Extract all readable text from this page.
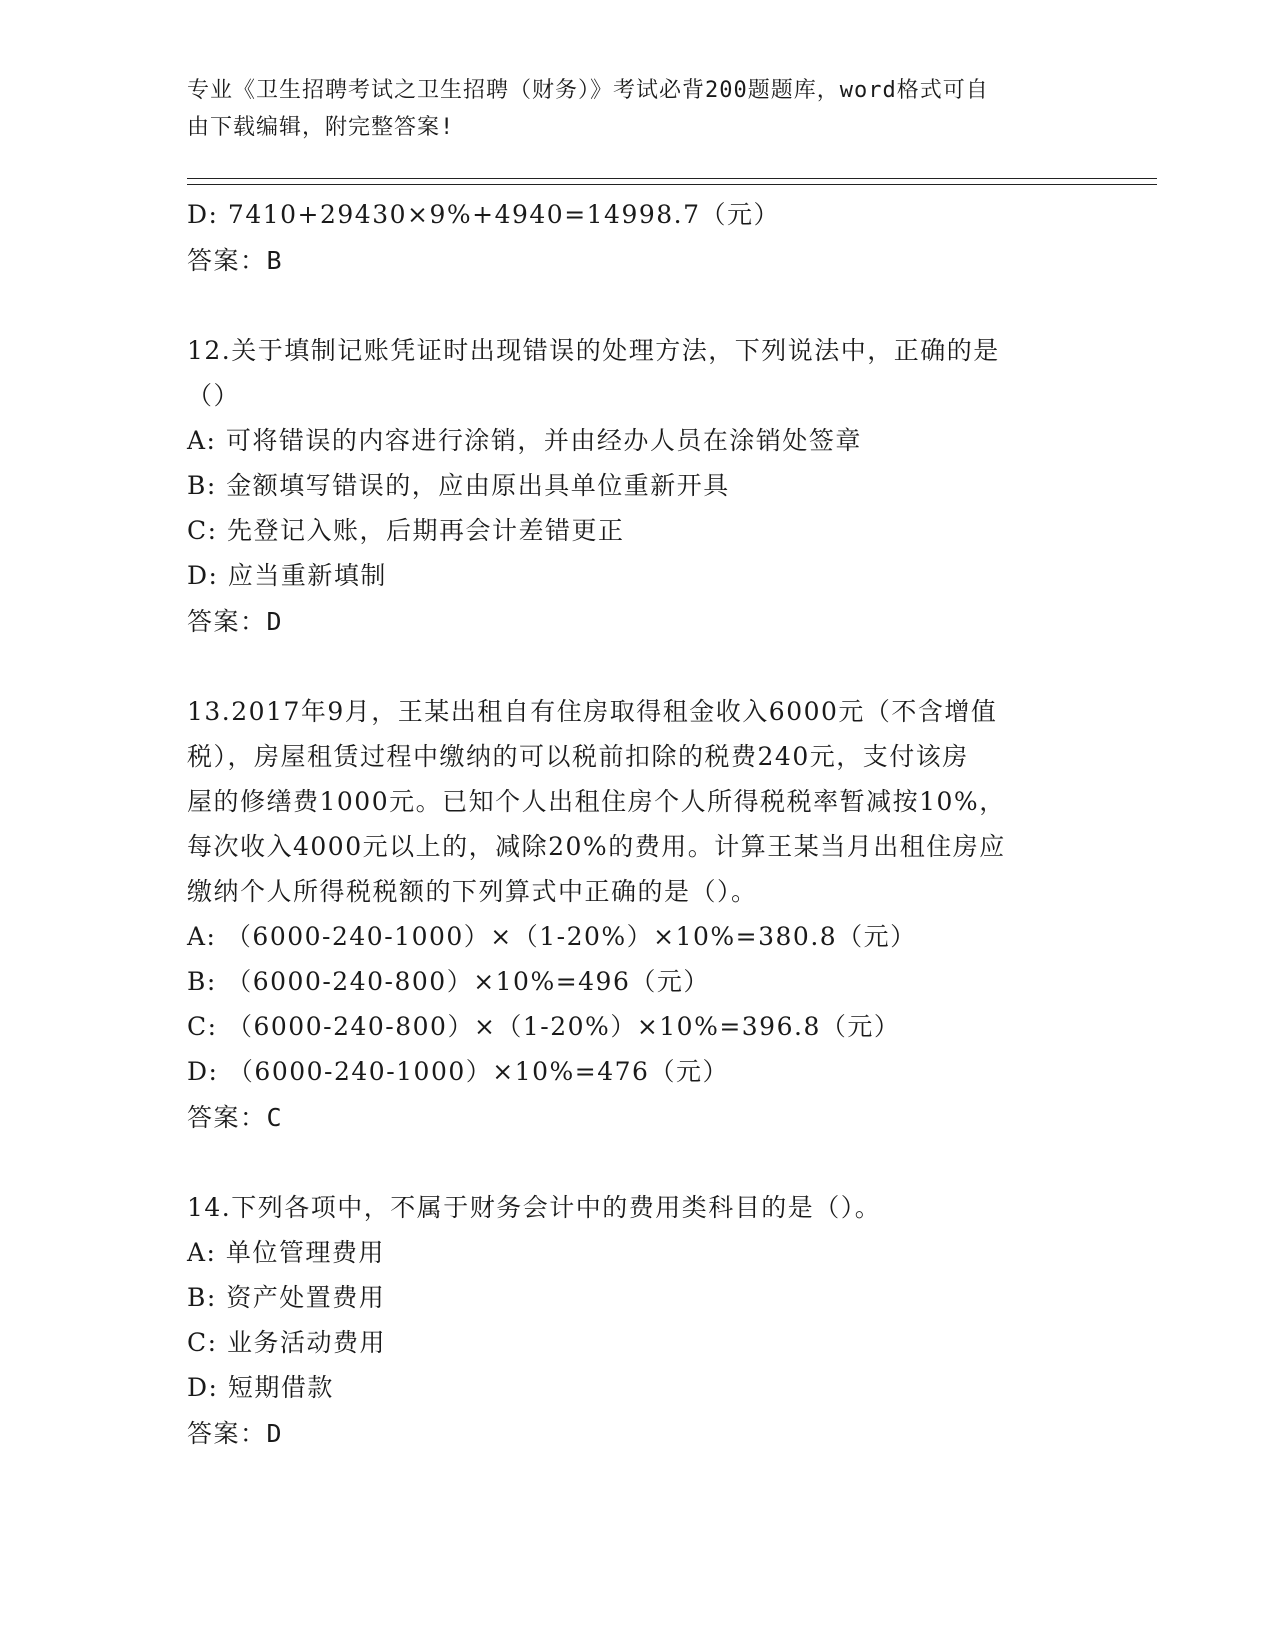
专业《卫生招聘考试之卫生招聘（财务）》考试必背200题题库，word格式可自
由下载编辑，附完整答案!
D: 7410+29430×9%+4940=14998.7（元）
答案：B
12.关于填制记账凭证时出现错误的处理方法，下列说法中，正确的是
（）
A: 可将错误的内容进行涂销，并由经办人员在涂销处签章
B: 金额填写错误的，应由原出具单位重新开具
C: 先登记入账，后期再会计差错更正
D: 应当重新填制
答案：D
13.2017年9月，王某出租自有住房取得租金收入6000元（不含增值
税），房屋租赁过程中缴纳的可以税前扣除的税费240元，支付该房
屋的修缮费1000元。已知个人出租住房个人所得税税率暂减按10%，
每次收入4000元以上的，减除20%的费用。计算王某当月出租住房应
缴纳个人所得税税额的下列算式中正确的是（）。
A: （6000-240-1000）×（1-20%）×10%=380.8（元）
B: （6000-240-800）×10%=496（元）
C: （6000-240-800）×（1-20%）×10%=396.8（元）
D: （6000-240-1000）×10%=476（元）
答案：C
14.下列各项中，不属于财务会计中的费用类科目的是（）。
A: 单位管理费用
B: 资产处置费用
C: 业务活动费用
D: 短期借款
答案：D
